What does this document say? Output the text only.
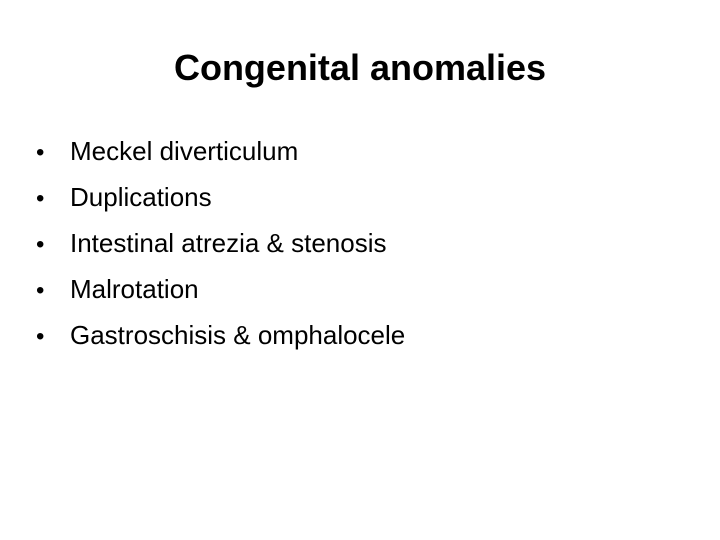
Congenital anomalies
• Meckel diverticulum
• Duplications
• Intestinal atrezia & stenosis
• Malrotation
• Gastroschisis & omphalocele
